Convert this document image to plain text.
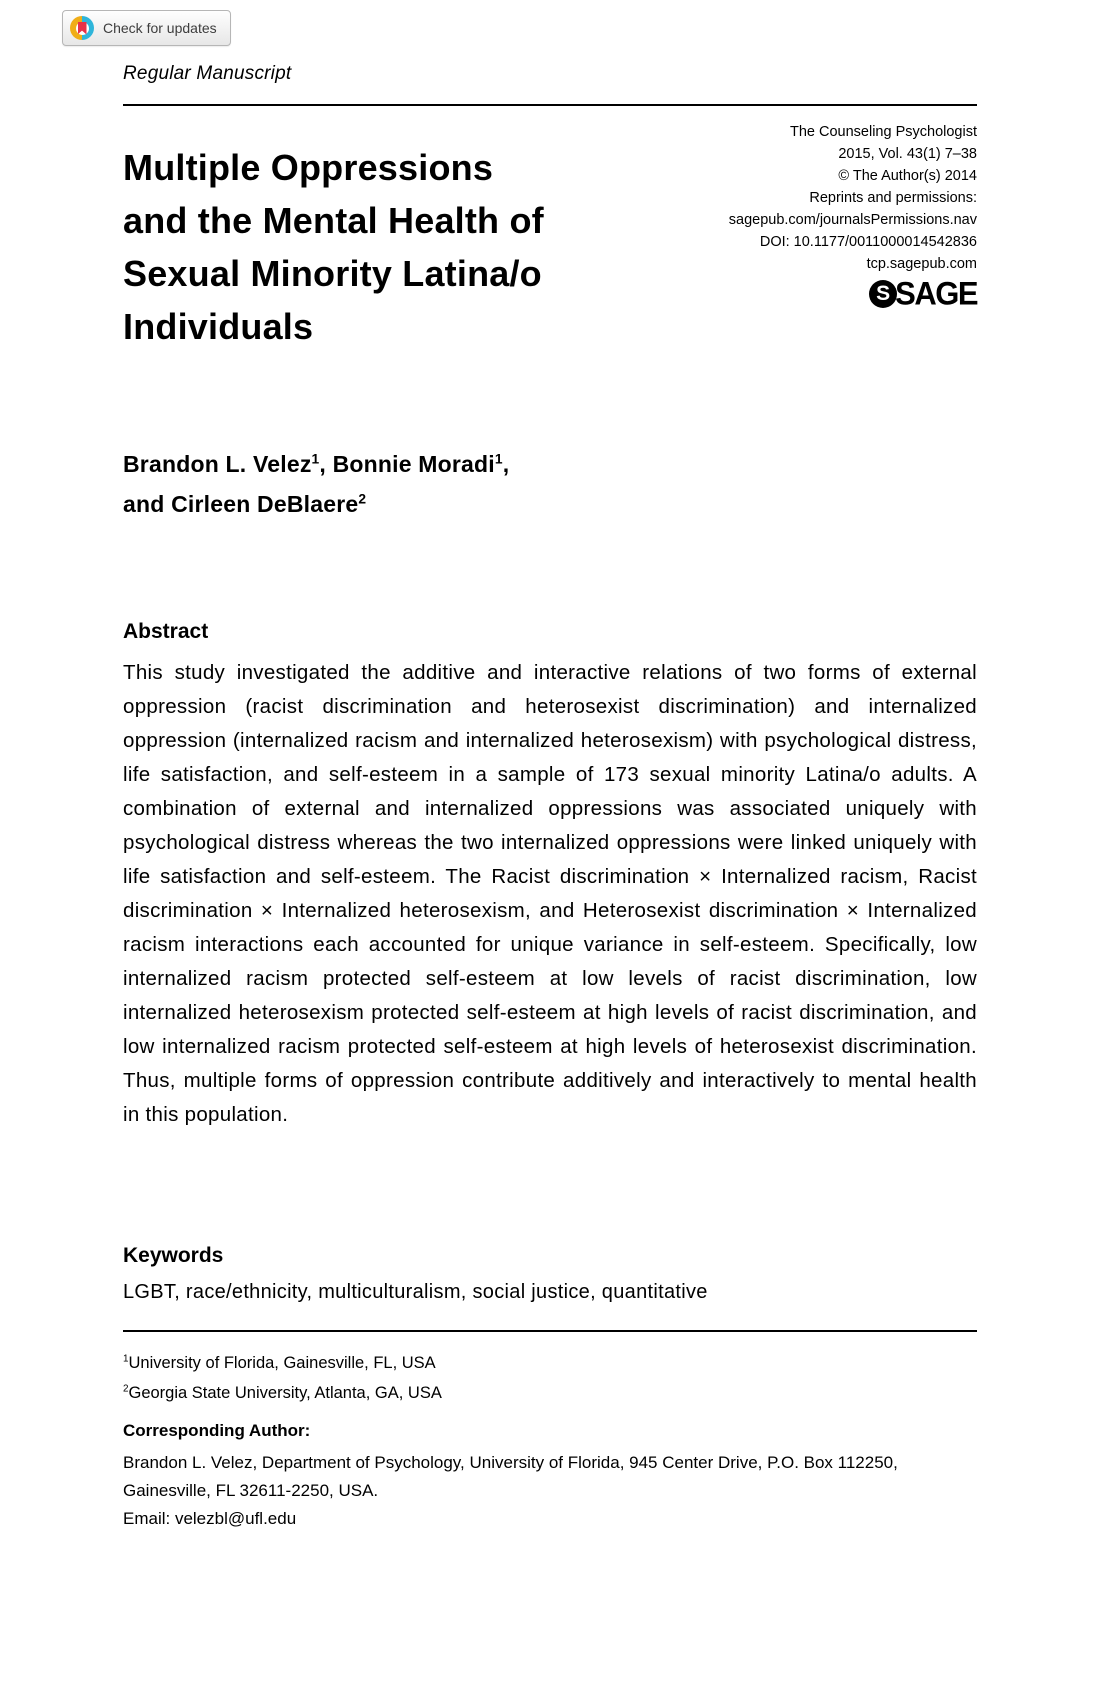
Check for updates
Regular Manuscript
Multiple Oppressions
and the Mental Health of
Sexual Minority Latina/o
Individuals
The Counseling Psychologist
2015, Vol. 43(1) 7–38
© The Author(s) 2014
Reprints and permissions:
sagepub.com/journalsPermissions.nav
DOI: 10.1177/0011000014542836
tcp.sagepub.com
S SAGE
Brandon L. Velez$^1$, Bonnie Moradi$^1$,
and Cirleen DeBlaere$^2$
Abstract
This study investigated the additive and interactive relations of two forms of external oppression (racist discrimination and heterosexist discrimination) and internalized oppression (internalized racism and internalized heterosexism) with psychological distress, life satisfaction, and self-esteem in a sample of 173 sexual minority Latina/o adults. A combination of external and internalized oppressions was associated uniquely with psychological distress whereas the two internalized oppressions were linked uniquely with life satisfaction and self-esteem. The Racist discrimination × Internalized racism, Racist discrimination × Internalized heterosexism, and Heterosexist discrimination × Internalized racism interactions each accounted for unique variance in self-esteem. Specifically, low internalized racism protected self-esteem at low levels of racist discrimination, low internalized heterosexism protected self-esteem at high levels of racist discrimination, and low internalized racism protected self-esteem at high levels of heterosexist discrimination. Thus, multiple forms of oppression contribute additively and interactively to mental health in this population.
Keywords
LGBT, race/ethnicity, multiculturalism, social justice, quantitative
$^1$University of Florida, Gainesville, FL, USA
$^2$Georgia State University, Atlanta, GA, USA
Corresponding Author:
Brandon L. Velez, Department of Psychology, University of Florida, 945 Center Drive, P.O. Box 112250, Gainesville, FL 32611-2250, USA.
Email: velezbl@ufl.edu
